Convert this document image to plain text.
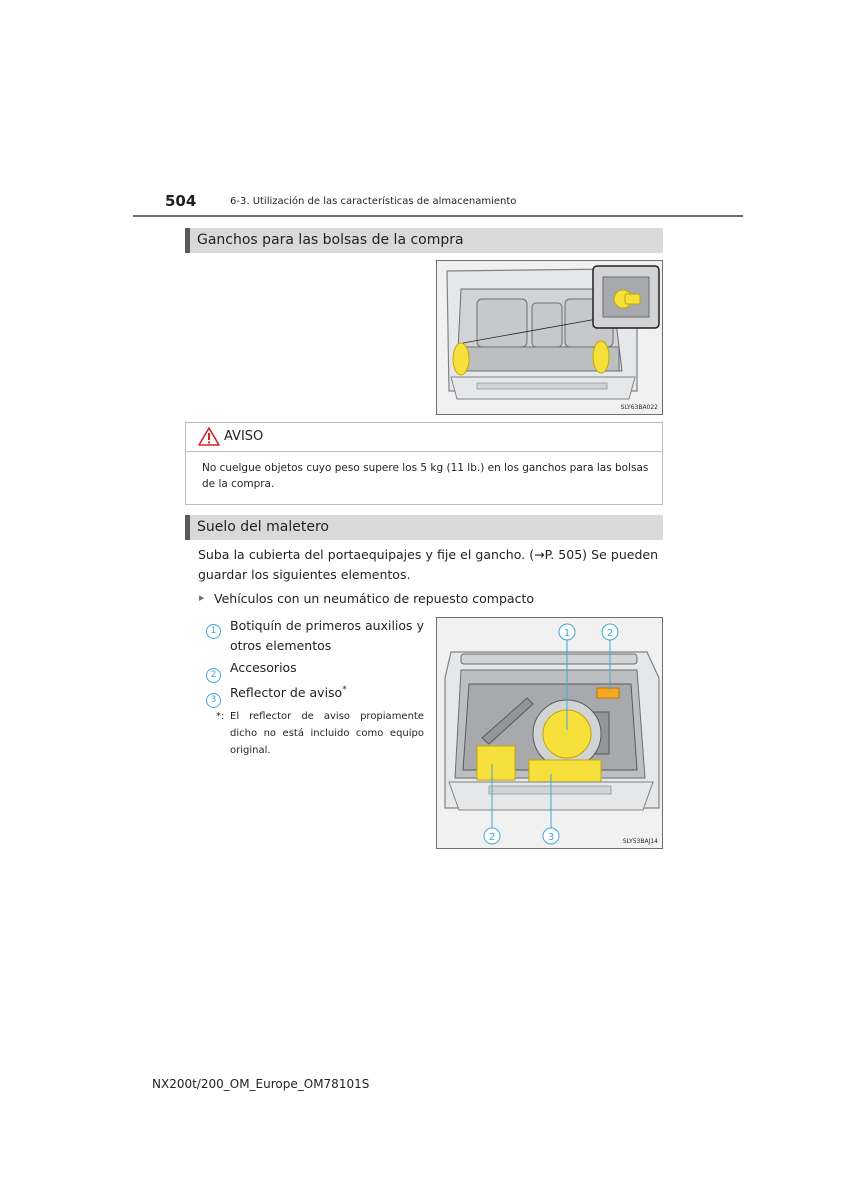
504	6-3. Utilización de las características de almacenamiento
Ganchos para las bolsas de la compra
SLY63BA022
AVISO
No cuelgue objetos cuyo peso supere los 5 kg (11 lb.) en los ganchos para las bolsas de la compra.
Suelo del maletero
Suba la cubierta del portaequipajes y fije el gancho. (→P. 505) Se pueden guardar los siguientes elementos.
▶ Vehículos con un neumático de repuesto compacto
1	Botiquín de primeros auxilios y otros elementos
2	Accesorios
3	Reflector de aviso*
*: El reflector de aviso propiamente dicho no está incluido como equipo original.
1	2
2	3	SLY53BAJ14
NX200t/200_OM_Europe_OM78101S
